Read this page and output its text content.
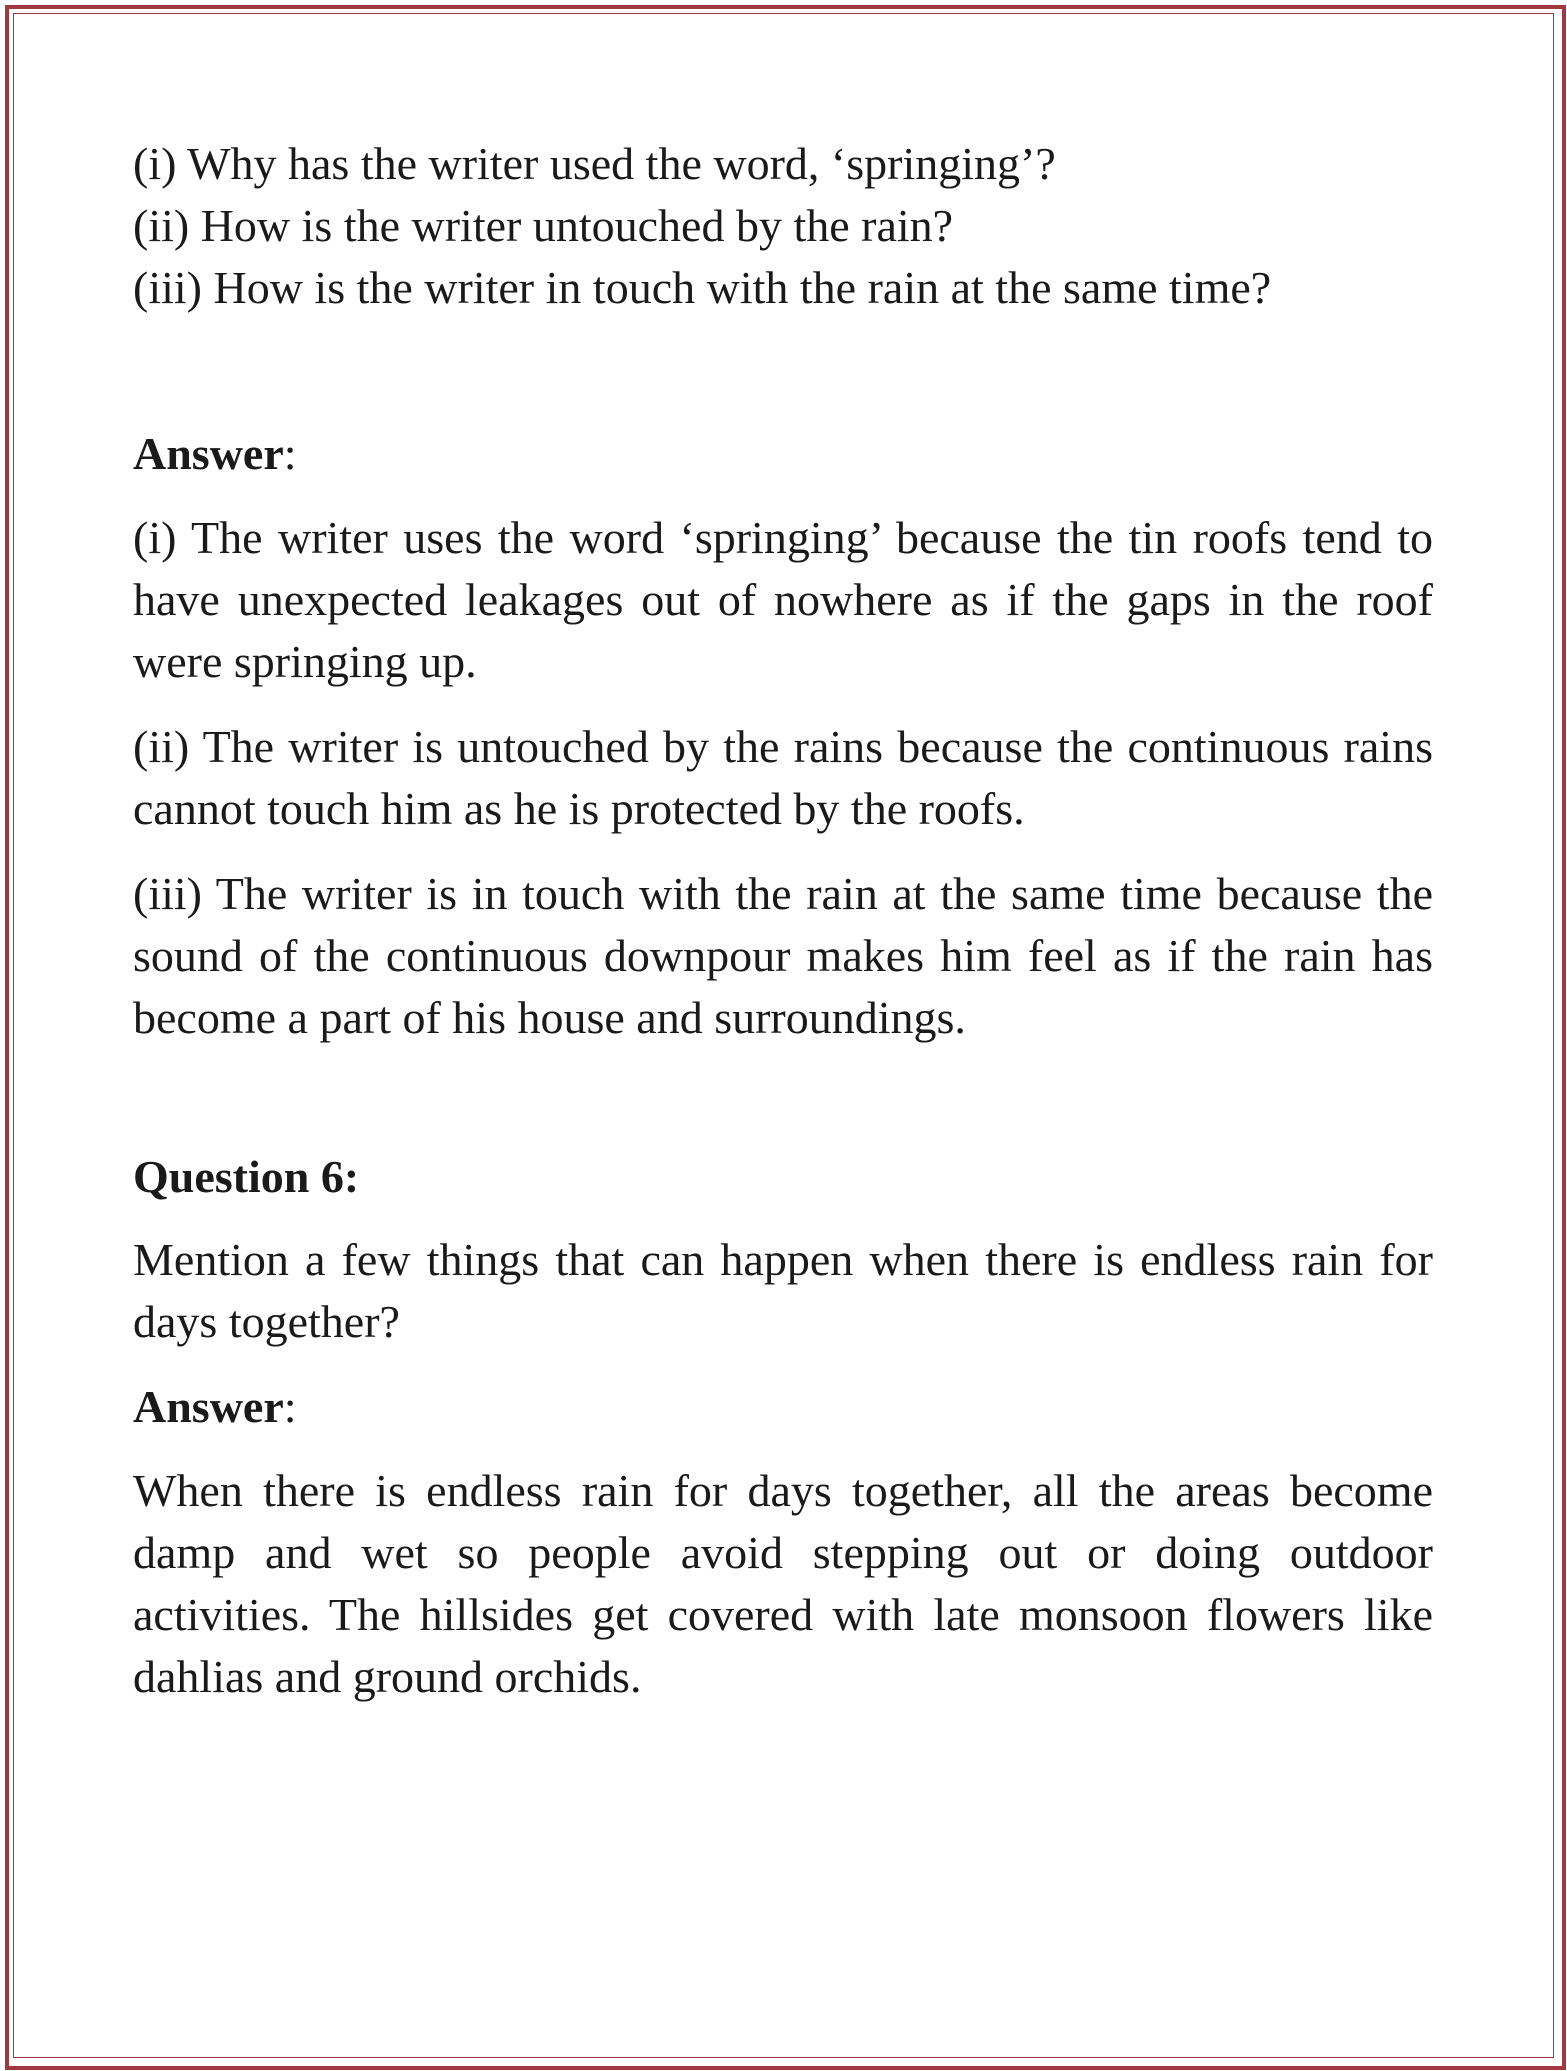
(i) Why has the writer used the word, ‘springing’?

(ii) How is the writer untouched by the rain?

(iii) How is the writer in touch with the rain at the same time?

Answer:

(i) The writer uses the word ‘springing’ because the tin roofs tend to have unexpected leakages out of nowhere as if the gaps in the roof were springing up.

(ii) The writer is untouched by the rains because the continuous rains cannot touch him as he is protected by the roofs.

(iii) The writer is in touch with the rain at the same time because the sound of the continuous downpour makes him feel as if the rain has become a part of his house and surroundings.

Question 6:

Mention a few things that can happen when there is endless rain for days together?

Answer:

When there is endless rain for days together, all the areas become damp and wet so people avoid stepping out or doing outdoor activities. The hillsides get covered with late monsoon flowers like dahlias and ground orchids.
